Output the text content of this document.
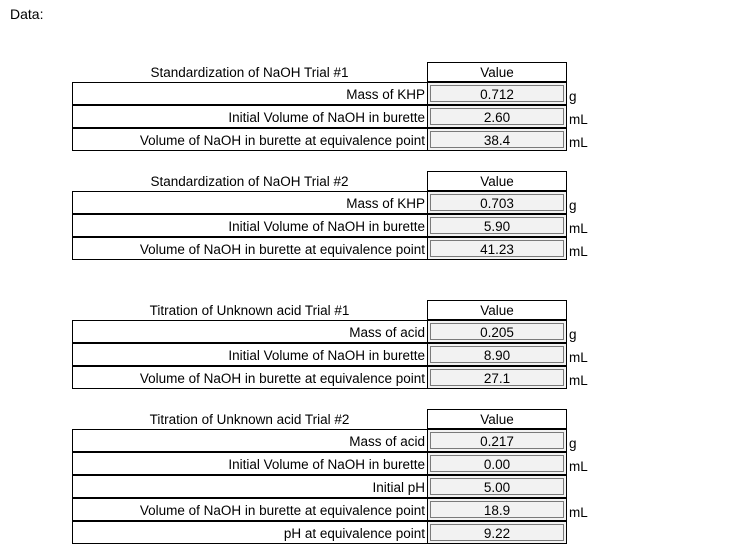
Data:
Standardization of NaOH Trial #1	Value
Mass of KHP	0.712	g
Initial Volume of NaOH in burette	2.60	mL
Volume of NaOH in burette at equivalence point	38.4	mL
Standardization of NaOH Trial #2	Value
Mass of KHP	0.703	g
Initial Volume of NaOH in burette	5.90	mL
Volume of NaOH in burette at equivalence point	41.23	mL
Titration of Unknown acid Trial #1	Value
Mass of acid	0.205	g
Initial Volume of NaOH in burette	8.90	mL
Volume of NaOH in burette at equivalence point	27.1	mL
Titration of Unknown acid Trial #2	Value
Mass of acid	0.217	g
Initial Volume of NaOH in burette	0.00	mL
Initial pH	5.00
Volume of NaOH in burette at equivalence point	18.9	mL
pH at equivalence point	9.22
